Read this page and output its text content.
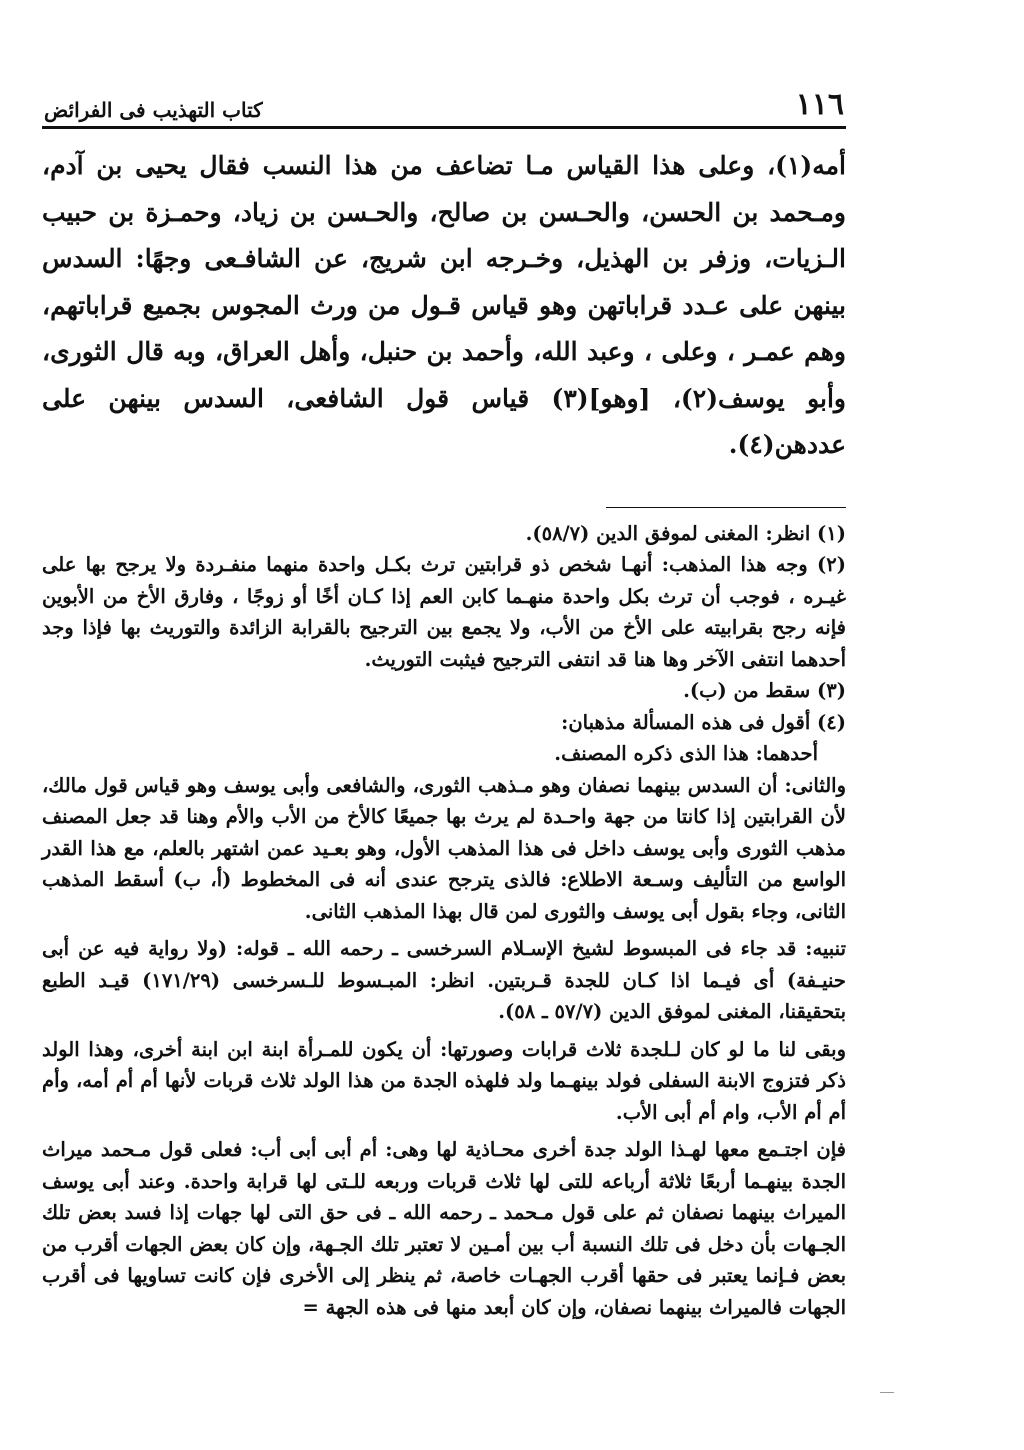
١١٦
كتاب التهذيب فى الفرائض

أمه(١)، وعلى هذا القياس مـا تضاعف من هذا النسب فقال يحيى بن آدم، ومـحمد بن الحسن، والحـسن بن صالح، والحـسن بن زياد، وحمـزة بن حبيب الـزيات، وزفر بن الهذيل، وخـرجه ابن شريج، عن الشافـعى وجهًا: السدس بينهن على عـدد قراباتهن وهو قياس قـول من ورث المجوس بجميع قراباتهم، وهم عمـر ، وعلى ، وعبد الله، وأحمد بن حنبل، وأهل العراق، وبه قال الثورى، وأبو يوسف(٢)، [وهو](٣) قياس قول الشافعى، السدس بينهن على عددهن(٤).

(١) انظر: المغنى لموفق الدين (٥٨/٧).

(٢) وجه هذا المذهب: أنهـا شخص ذو قرابتين ترث بكـل واحدة منهما منفـردة ولا يرجح بها على غيـره ، فوجب أن ترث بكل واحدة منهـما كابن العم إذا كـان أخًا أو زوجًا ، وفارق الأخ من الأبوين فإنه رجح بقرابيته على الأخ من الأب، ولا يجمع بين الترجيح بالقرابة الزائدة والتوريث بها فإذا وجد أحدهما انتفى الآخر وها هنا قد انتفى الترجيح فيثبت التوريث.

(٣) سقط من (ب).

(٤) أقول فى هذه المسألة مذهبان:

أحدهما: هذا الذى ذكره المصنف.

والثانى: أن السدس بينهما نصفان وهو مـذهب الثورى، والشافعى وأبى يوسف وهو قياس قول مالك، لأن القرابتين إذا كانتا من جهة واحـدة لم يرث بها جميعًا كالأخ من الأب والأم وهنا قد جعل المصنف مذهب الثورى وأبى يوسف داخل فى هذا المذهب الأول، وهو بعـيد عمن اشتهر بالعلم، مع هذا القدر الواسع من التأليف وسـعة الاطلاع: فالذى يترجح عندى أنه فى المخطوط (أ، ب) أسقط المذهب الثانى، وجاء بقول أبى يوسف والثورى لمن قال بهذا المذهب الثانى.

تنبيه: قد جاء فى المبسوط لشيخ الإسـلام السرخسى ـ رحمه الله ـ قوله: (ولا رواية فيه عن أبى حنيـفة) أى فيـما اذا كـان للجدة قـربتين. انظر: المبـسوط للـسرخسى (١٧١/٢٩) قيـد الطبع بتحقيقنا، المغنى لموفق الدين (٥٧/٧ ـ ٥٨).

وبقى لنا ما لو كان لـلجدة ثلاث قرابات وصورتها: أن يكون للمـرأة ابنة ابن ابنة أخرى، وهذا الولد ذكر فتزوج الابنة السفلى فولد بينهـما ولد فلهذه الجدة من هذا الولد ثلاث قربات لأنها أم أم أمه، وأم أم أم الأب، وام أم أبى الأب.

فإن اجتـمع معها لهـذا الولد جدة أخرى محـاذية لها وهى: أم أبى أبى أب: فعلى قول مـحمد ميراث الجدة بينهـما أربعًا ثلاثة أرباعه للتى لها ثلاث قربات وربعه للـتى لها قرابة واحدة. وعند أبى يوسف الميراث بينهما نصفان ثم على قول مـحمد ـ رحمه الله ـ فى حق التى لها جهات إذا فسد بعض تلك الجـهات بأن دخل فى تلك النسبة أب بين أمـين لا تعتبر تلك الجـهة، وإن كان بعض الجهات أقرب من بعض فـإنما يعتبر فى حقها أقرب الجهـات خاصة، ثم ينظر إلى الأخرى فإن كانت تساويها فى أقرب الجهات فالميراث بينهما نصفان، وإن كان أبعد منها فى هذه الجهة =
